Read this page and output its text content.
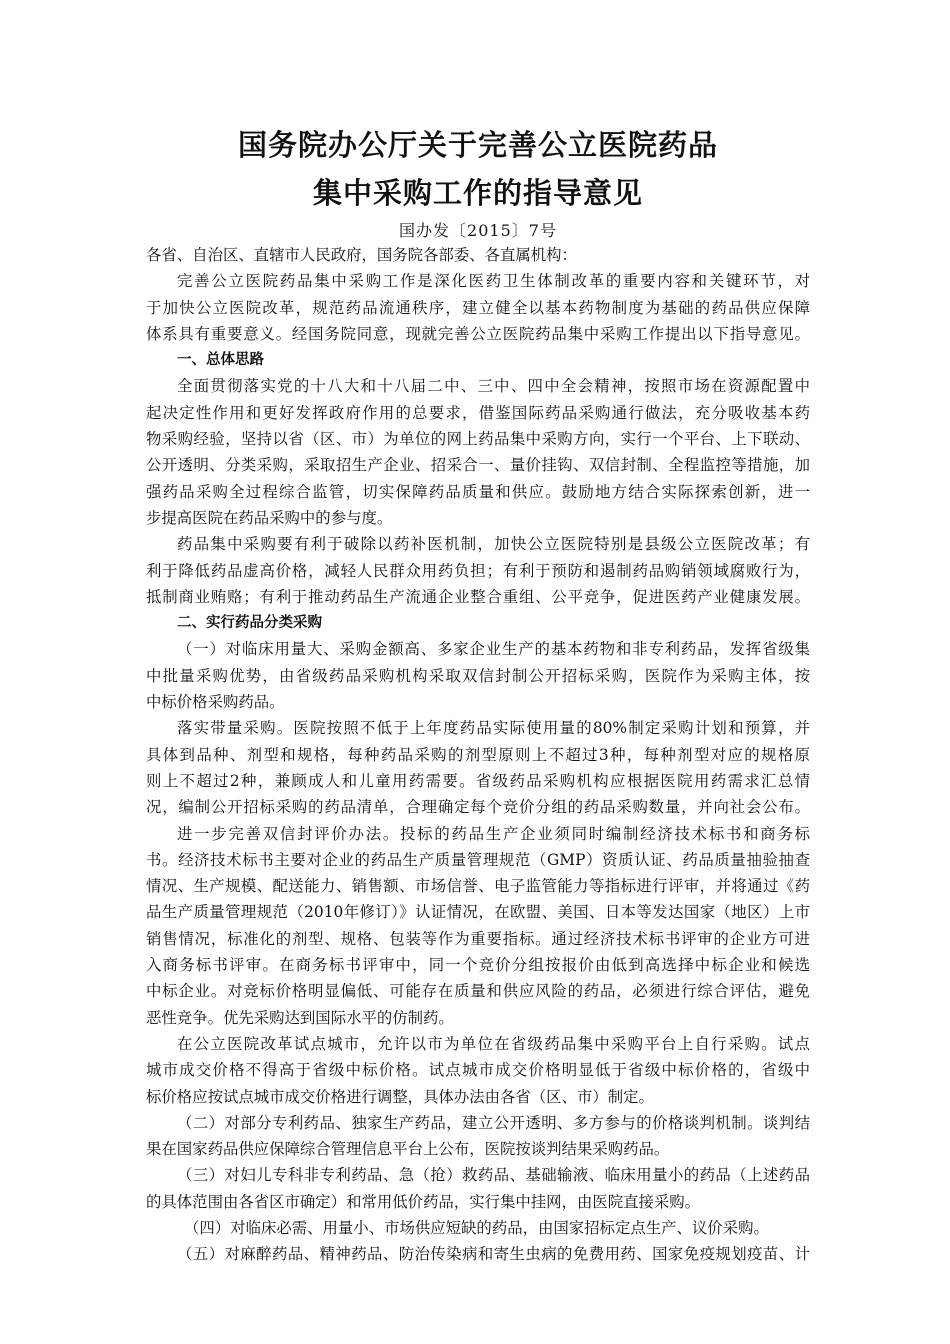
国务院办公厅关于完善公立医院药品
集中采购工作的指导意见
国办发〔2015〕7号
各省、自治区、直辖市人民政府，国务院各部委、各直属机构：
完善公立医院药品集中采购工作是深化医药卫生体制改革的重要内容和关键环节，对
于加快公立医院改革，规范药品流通秩序，建立健全以基本药物制度为基础的药品供应保障
体系具有重要意义。经国务院同意，现就完善公立医院药品集中采购工作提出以下指导意见。
一、总体思路
全面贯彻落实党的十八大和十八届二中、三中、四中全会精神，按照市场在资源配置中
起决定性作用和更好发挥政府作用的总要求，借鉴国际药品采购通行做法，充分吸收基本药
物采购经验，坚持以省（区、市）为单位的网上药品集中采购方向，实行一个平台、上下联动、
公开透明、分类采购，采取招生产企业、招采合一、量价挂钩、双信封制、全程监控等措施，加
强药品采购全过程综合监管，切实保障药品质量和供应。鼓励地方结合实际探索创新，进一
步提高医院在药品采购中的参与度。
药品集中采购要有利于破除以药补医机制，加快公立医院特别是县级公立医院改革；有
利于降低药品虚高价格，减轻人民群众用药负担；有利于预防和遏制药品购销领域腐败行为，
抵制商业贿赂；有利于推动药品生产流通企业整合重组、公平竞争，促进医药产业健康发展。
二、实行药品分类采购
（一）对临床用量大、采购金额高、多家企业生产的基本药物和非专利药品，发挥省级集
中批量采购优势，由省级药品采购机构采取双信封制公开招标采购，医院作为采购主体，按
中标价格采购药品。
落实带量采购。医院按照不低于上年度药品实际使用量的80%制定采购计划和预算，并
具体到品种、剂型和规格，每种药品采购的剂型原则上不超过3种，每种剂型对应的规格原
则上不超过2种，兼顾成人和儿童用药需要。省级药品采购机构应根据医院用药需求汇总情
况，编制公开招标采购的药品清单，合理确定每个竞价分组的药品采购数量，并向社会公布。
进一步完善双信封评价办法。投标的药品生产企业须同时编制经济技术标书和商务标
书。经济技术标书主要对企业的药品生产质量管理规范（GMP）资质认证、药品质量抽验抽查
情况、生产规模、配送能力、销售额、市场信誉、电子监管能力等指标进行评审，并将通过《药
品生产质量管理规范（2010年修订）》认证情况，在欧盟、美国、日本等发达国家（地区）上市
销售情况，标准化的剂型、规格、包装等作为重要指标。通过经济技术标书评审的企业方可进
入商务标书评审。在商务标书评审中，同一个竞价分组按报价由低到高选择中标企业和候选
中标企业。对竞标价格明显偏低、可能存在质量和供应风险的药品，必须进行综合评估，避免
恶性竞争。优先采购达到国际水平的仿制药。
在公立医院改革试点城市，允许以市为单位在省级药品集中采购平台上自行采购。试点
城市成交价格不得高于省级中标价格。试点城市成交价格明显低于省级中标价格的，省级中
标价格应按试点城市成交价格进行调整，具体办法由各省（区、市）制定。
（二）对部分专利药品、独家生产药品，建立公开透明、多方参与的价格谈判机制。谈判结
果在国家药品供应保障综合管理信息平台上公布，医院按谈判结果采购药品。
（三）对妇儿专科非专利药品、急（抢）救药品、基础输液、临床用量小的药品（上述药品
的具体范围由各省区市确定）和常用低价药品，实行集中挂网，由医院直接采购。
（四）对临床必需、用量小、市场供应短缺的药品，由国家招标定点生产、议价采购。
（五）对麻醉药品、精神药品、防治传染病和寄生虫病的免费用药、国家免疫规划疫苗、计
